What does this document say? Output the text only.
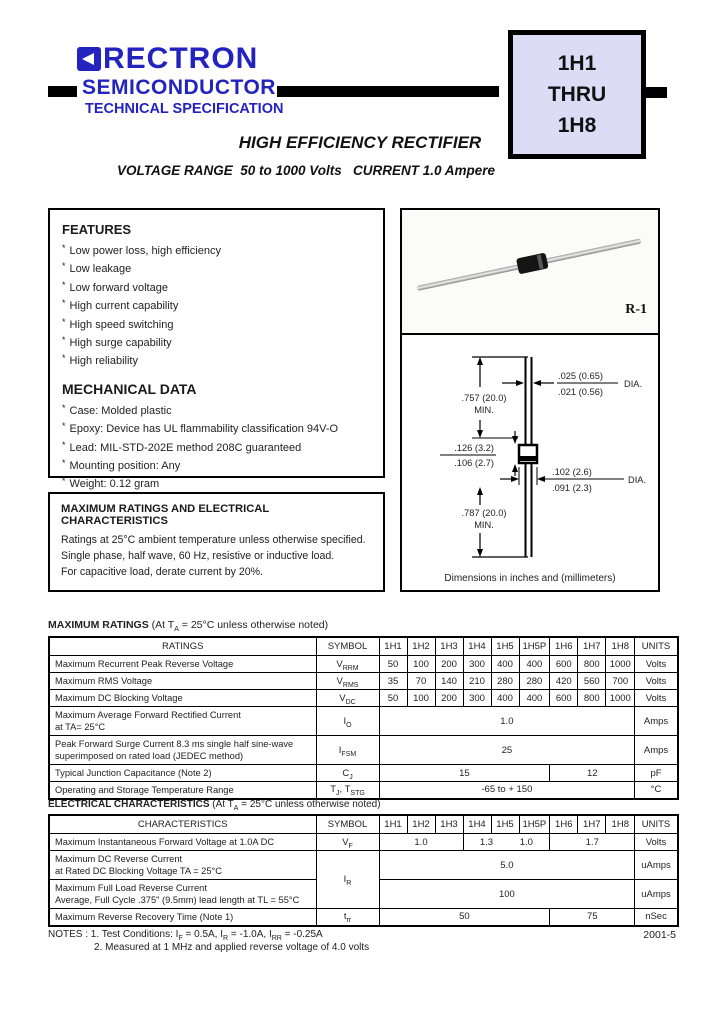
RECTRON
SEMICONDUCTOR
TECHNICAL SPECIFICATION
1H1
THRU
1H8
HIGH EFFICIENCY RECTIFIER
VOLTAGE RANGE  50 to 1000 Volts   CURRENT 1.0 Ampere
FEATURES
* Low power loss, high efficiency
* Low leakage
* Low forward voltage
* High current capability
* High speed switching
* High surge capability
* High reliability
MECHANICAL DATA
* Case: Molded plastic
* Epoxy: Device has UL flammability classification 94V-O
* Lead: MIL-STD-202E method 208C guaranteed
* Mounting position: Any
* Weight: 0.12 gram
MAXIMUM RATINGS AND ELECTRICAL CHARACTERISTICS
Ratings at 25°C ambient temperature unless otherwise specified.
Single phase, half wave, 60 Hz, resistive or inductive load.
For capacitive load, derate current by 20%.
R-1
.757 (20.0)
MIN.
.025 (0.65)
.021 (0.56)
DIA.
.126 (3.2)
.106 (2.7)
.102 (2.6)
.091 (2.3)
DIA.
.787 (20.0)
MIN.
Dimensions in inches and (millimeters)
MAXIMUM RATINGS (At $T_A = 25^\circ C$ unless otherwise noted)
RATINGS	SYMBOL	1H1	1H2	1H3	1H4	1H5	1H5P	1H6	1H7	1H8	UNITS

Maximum Recurrent Peak Reverse Voltage	$V_{RRM}$	50	100	200	300	400	400	600	800	1000	Volts

Maximum RMS Voltage	$V_{RMS}$	35	70	140	210	280	280	420	560	700	Volts

Maximum DC Blocking Voltage	$V_{DC}$	50	100	200	300	400	400	600	800	1000	Volts

Maximum Average Forward Rectified Current
at TA= 25°C	$I_O$	1.0									Amps

Peak Forward Surge Current 8.3 ms single half sine-wave
superimposed on rated load (JEDEC method)	$I_{FSM}$	25									Amps

Typical Junction Capacitance (Note 2)	$C_J$	15						12			pF

Operating and Storage Temperature Range	$T_J$, $T_{STG}$	-65 to + 150									°C
ELECTRICAL CHARACTERISTICS (At $T_A = 25^\circ C$ unless otherwise noted)
CHARACTERISTICS	SYMBOL	1H1	1H2	1H3	1H4	1H5	1H5P	1H6	1H7	1H8	UNITS

Maximum Instantaneous Forward Voltage at 1.0A DC	$V_F$	1.0			1.3 1.0			1.7			Volts

Maximum DC Reverse Current
at Rated DC Blocking Voltage TA = 25°C	$I_R$	5.0									uAmps

Maximum Full Load Reverse Current
Average, Full Cycle .375" (9.5mm) lead length at TL = 55°C		100									uAmps

Maximum Reverse Recovery Time (Note 1)	$t_{rr}$	50						75			nSec
NOTES : 1. Test Conditions: $I_F = 0.5A$, $I_R = -1.0A$, $I_{RR} = -0.25A$
2. Measured at 1 MHz and applied reverse voltage of 4.0 volts
2001-5
